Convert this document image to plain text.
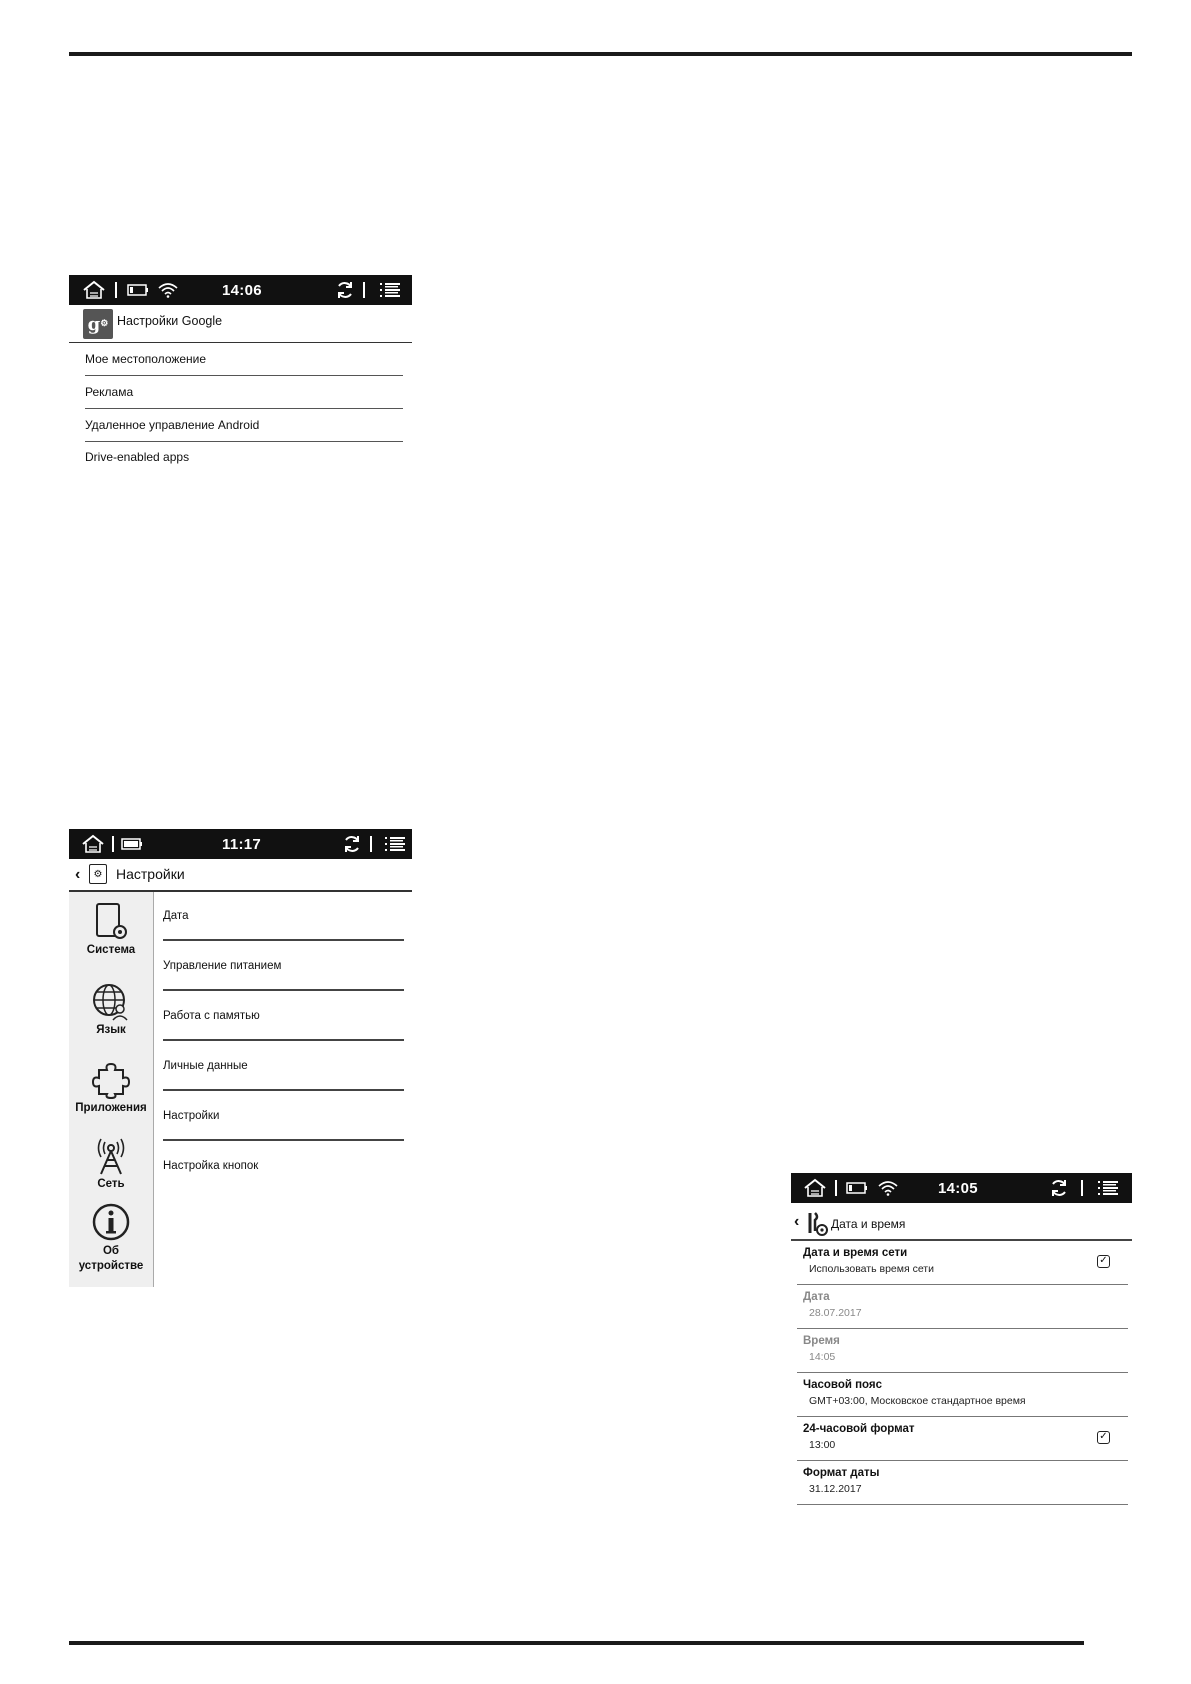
14:06
g ⚙ Настройки Google
Мое местоположение
Реклама
Удаленное управление Android
Drive-enabled apps
11:17
‹	⚙ Настройки
Система
Язык
Приложения
Сеть
Об устройстве
Дата
Управление питанием
Работа с памятью
Личные данные
Настройки
Настройка кнопок
14:05
‹	Дата и время
Дата и время сети
Использовать время сети
✓
Дата
28.07.2017
Время
14:05
Часовой пояс
GMT+03:00, Московское стандартное время
24-часовой формат
13:00
✓
Формат даты
31.12.2017
